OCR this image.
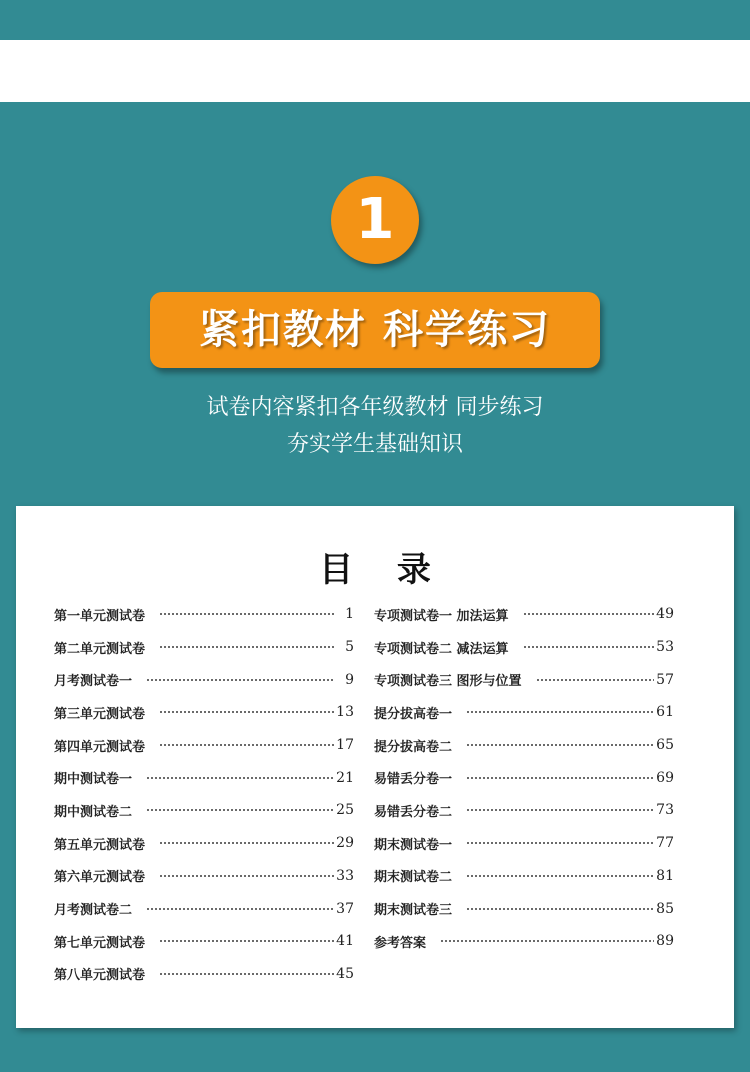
1
紧扣教材 科学练习
试卷内容紧扣各年级教材 同步练习
夯实学生基础知识
目 录
第一单元测试卷	1
第二单元测试卷	5
月考测试卷一	9
第三单元测试卷	13
第四单元测试卷	17
期中测试卷一	21
期中测试卷二	25
第五单元测试卷	29
第六单元测试卷	33
月考测试卷二	37
第七单元测试卷	41
第八单元测试卷	45
专项测试卷一 加法运算	49
专项测试卷二 减法运算	53
专项测试卷三 图形与位置	57
提分拔高卷一	61
提分拔高卷二	65
易错丢分卷一	69
易错丢分卷二	73
期末测试卷一	77
期末测试卷二	81
期末测试卷三	85
参考答案	89
